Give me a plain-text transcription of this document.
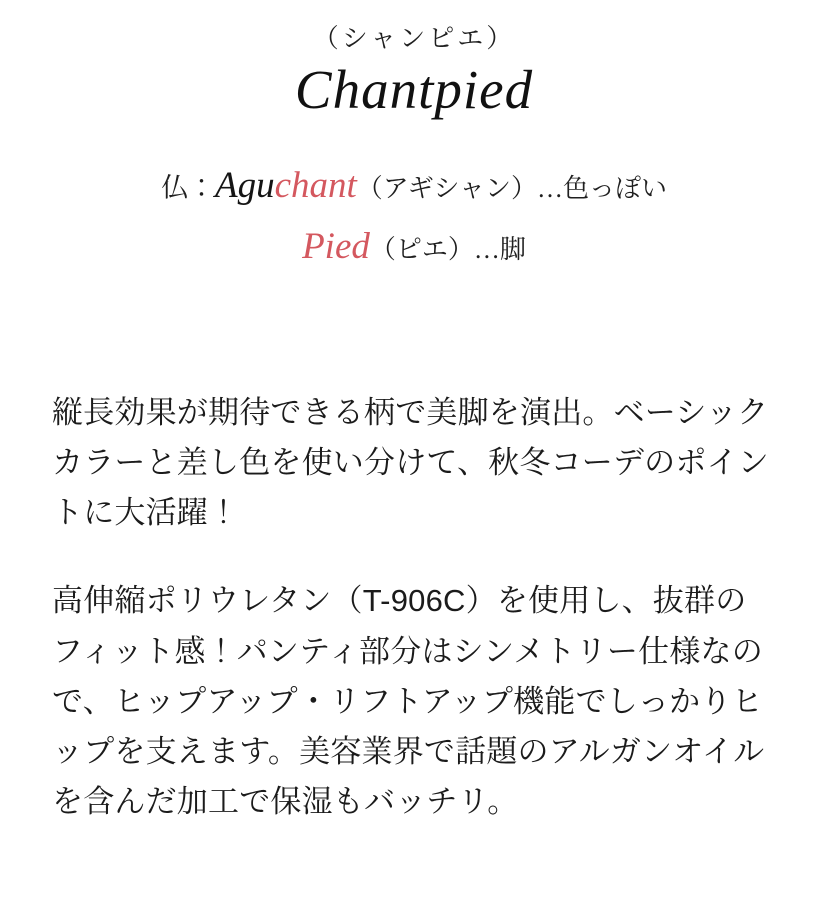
（シャンピエ）
Chantpied
仏：Aguchant（アギシャン）…色っぽい
Pied（ピエ）…脚

縦長効果が期待できる柄で美脚を演出。ベーシックカラーと差し色を使い分けて、秋冬コーデのポイントに大活躍！

高伸縮ポリウレタン（T-906C）を使用し、抜群のフィット感！パンティ部分はシンメトリー仕様なので、ヒップアップ・リフトアップ機能でしっかりヒップを支えます。美容業界で話題のアルガンオイルを含んだ加工で保湿もバッチリ。
